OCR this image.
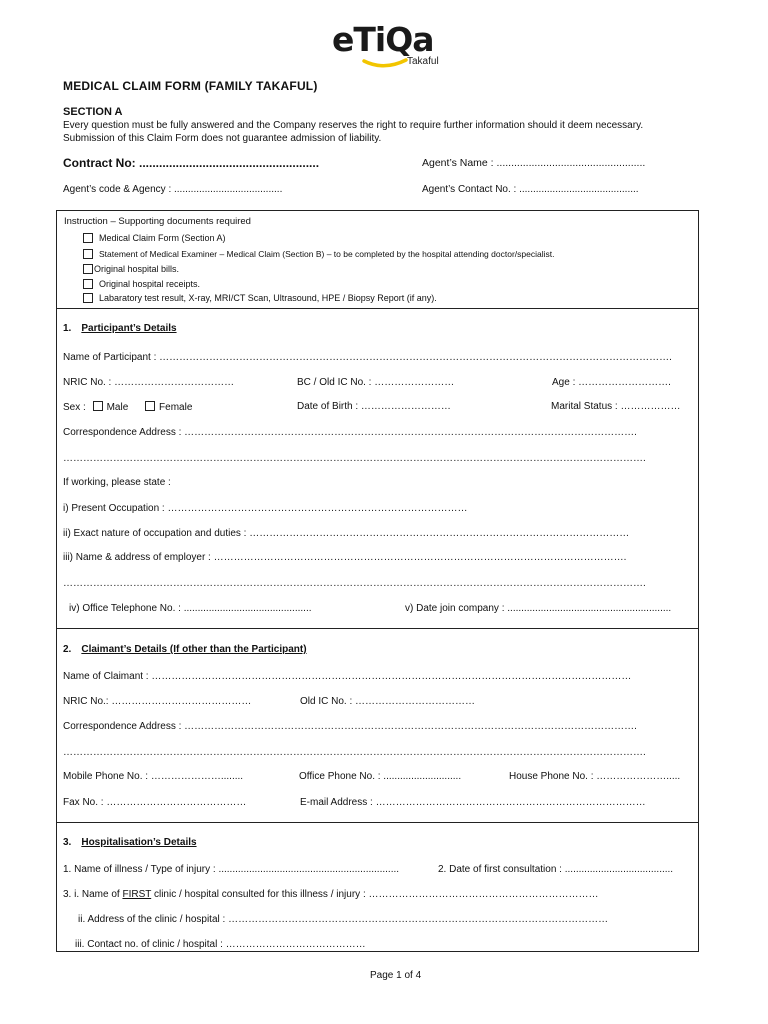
eTiQa
Takaful
MEDICAL CLAIM FORM (FAMILY TAKAFUL)
SECTION A
Every question must be fully answered and the Company reserves the right to require further information should it deem necessary.
Submission of this Claim Form does not guarantee admission of liability.
Contract No: ......................................................	Agent’s Name : ...................................................
Agent’s code & Agency : .......................................	Agent’s Contact No. : ...........................................
Instruction – Supporting documents required
Medical Claim Form (Section A)
Statement of Medical Examiner – Medical Claim (Section B) – to be completed by the hospital attending doctor/specialist.
Original hospital bills.
Original hospital receipts.
Labaratory test result, X-ray, MRI/CT Scan, Ultrasound, HPE / Biopsy Report (if any).
1. Participant’s Details
Name of Participant : ……………………………………………………………………………………………………………………………………….
NRIC No. : ………………………………	BC / Old IC No. : ……………………	Age : ……………………….
Sex : Male	Female	Date of Birth : ………………………	Marital Status : ………………
Correspondence Address : ……………………………………………………………………………………………………………………….
………………………………………………………………………………………………………………………………………………………….
If working, please state :
i) Present Occupation : ………………………………………………………………………………
ii) Exact nature of occupation and duties : ……………………………………………………………………………………………………
iii) Name & address of employer : …………………………………………………………………………………………………………….
………………………………………………………………………………………………………………………………………………………….
iv) Office Telephone No. : ..............................................	v) Date join company : ...........................................................
2. Claimant’s Details (If other than the Participant)
Name of Claimant : ………………………………………………………………………………………………………………………………
NRIC No.: ……………………………………	Old IC No. : ………………………………
Correspondence Address : ……………………………………………………………………………………………………………………….
………………………………………………………………………………………………………………………………………………………….
Mobile Phone No. : …………………........	Office Phone No. : ............................	House Phone No. : ………………….....
Fax No. : ……………………………………	E-mail Address : ………………………………………………………………………
3. Hospitalisation’s Details
1. Name of illness / Type of injury : .................................................................	2. Date of first consultation : .......................................
3. i. Name of FIRST clinic / hospital consulted for this illness / injury : ……………………………………………………………
ii. Address of the clinic / hospital : ……………………………………………………………………………………………………
iii. Contact no. of clinic / hospital : ……………………………………
Page 1 of 4
